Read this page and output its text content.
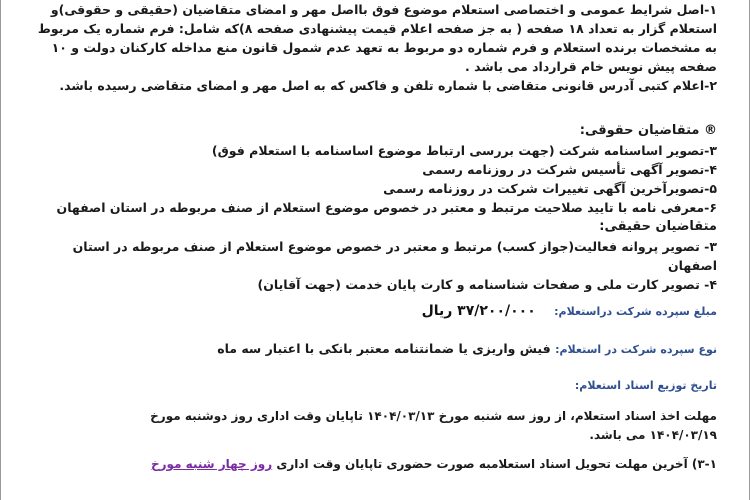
۱-اصل شرایط عمومی و اختصاصی استعلام موضوع فوق بااصل مهر و امضای متقاضیان (حقیقی و حقوقی)و

استعلام گزار به تعداد ۱۸ صفحه ( به جز صفحه اعلام قیمت پیشنهادی صفحه ۸)که شامل: فرم شماره یک مربوط

به مشخصات برنده استعلام و فرم شماره دو مربوط به تعهد عدم شمول قانون منع مداخله کارکنان دولت و ۱۰

صفحه پیش نویس خام قرارداد می باشد .

۲-اعلام کتبی آدرس قانونی متقاضی با شماره تلفن و فاکس که به اصل مهر و امضای متقاضی رسیده باشد.

® متقاضیان حقوقی:

۳-تصویر اساسنامه شرکت (جهت بررسی ارتباط موضوع اساسنامه با استعلام فوق)

۴-تصویر آگهی تأسیس شرکت در روزنامه رسمی

۵-تصویرآخرین آگهی تغییرات شرکت در روزنامه رسمی

۶-معرفی نامه با تایید صلاحیت مرتبط و معتبر در خصوص موضوع استعلام از صنف مربوطه در استان اصفهان

متقاضیان حقیقی:

۳- تصویر پروانه فعالیت(جواز کسب) مرتبط و معتبر در خصوص موضوع استعلام از صنف مربوطه در استان اصفهان

۴- تصویر کارت ملی و صفحات شناسنامه و کارت پایان خدمت (جهت آقایان)

مبلغ سپرده شرکت دراستعلام: ۳۷/۲۰۰/۰۰۰ ریال

نوع سپرده شرکت در استعلام: فیش واریزی یا ضمانتنامه معتبر بانکی با اعتبار سه ماه

تاریخ توزیع اسناد استعلام:

مهلت اخذ اسناد استعلام، از روز سه شنبه مورخ ۱۴۰۴/۰۳/۱۳ تاپایان وقت اداری روز دوشنبه مورخ

۱۴۰۴/۰۳/۱۹ می باشد.

۳-۱) آخرین مهلت تحویل اسناد استعلامبه صورت حضوری تاپایان وقت اداری روز چهار شنبه مورخ
